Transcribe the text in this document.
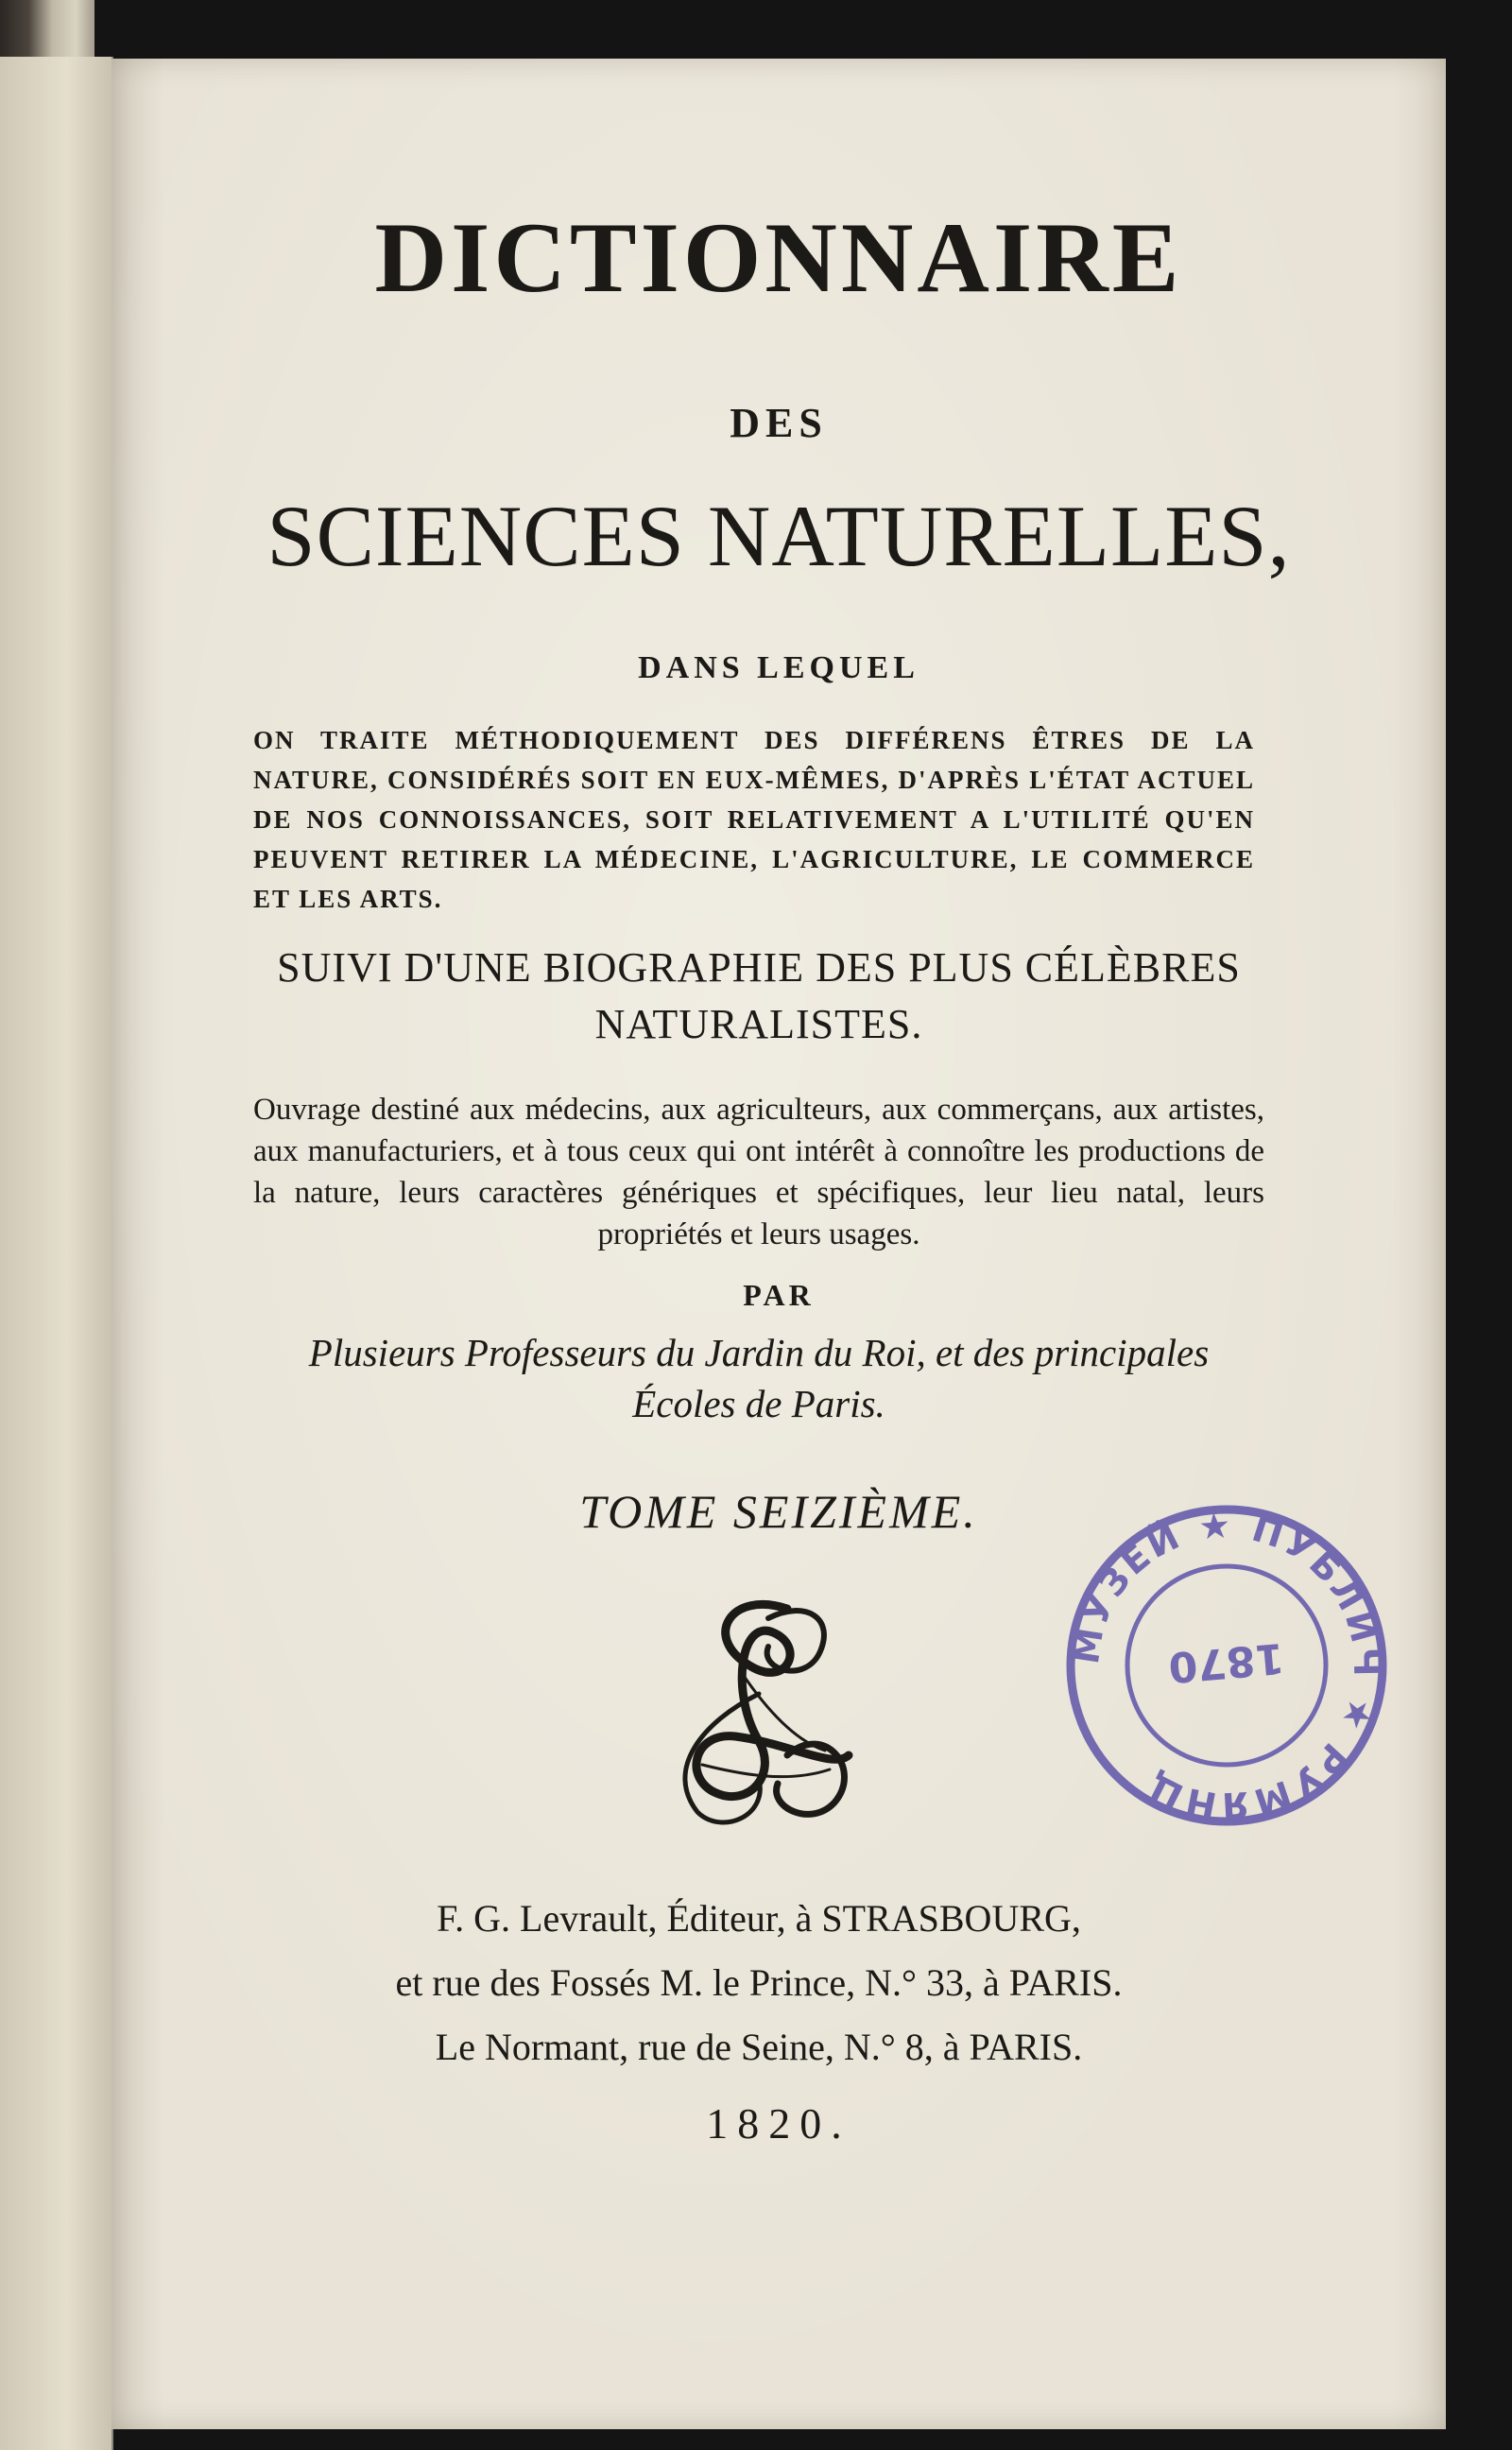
DICTIONNAIRE
DES
SCIENCES NATURELLES,
DANS LEQUEL
ON TRAITE MÉTHODIQUEMENT DES DIFFÉRENS ÊTRES DE LA NATURE, CONSIDÉRÉS SOIT EN EUX-MÊMES, D'APRÈS L'ÉTAT ACTUEL DE NOS CONNOISSANCES, SOIT RELATIVEMENT A L'UTILITÉ QU'EN PEUVENT RETIRER LA MÉDECINE, L'AGRICULTURE, LE COMMERCE ET LES ARTS.
SUIVI D'UNE BIOGRAPHIE DES PLUS CÉLÈBRES NATURALISTES.
Ouvrage destiné aux médecins, aux agriculteurs, aux commerçans, aux artistes, aux manufacturiers, et à tous ceux qui ont intérêt à connoître les productions de la nature, leurs caractères génériques et spécifiques, leur lieu natal, leurs propriétés et leurs usages.
PAR
Plusieurs Professeurs du Jardin du Roi, et des principales Écoles de Paris.
TOME SEIZIÈME.
L
МУЗЕЙ ★ ПУБЛИЧ ★ РУМЯНЦ
1870
F. G. Levrault, Éditeur, à STRASBOURG,
et rue des Fossés M. le Prince, N.° 33, à PARIS.
Le Normant, rue de Seine, N.° 8, à PARIS.
1820.
